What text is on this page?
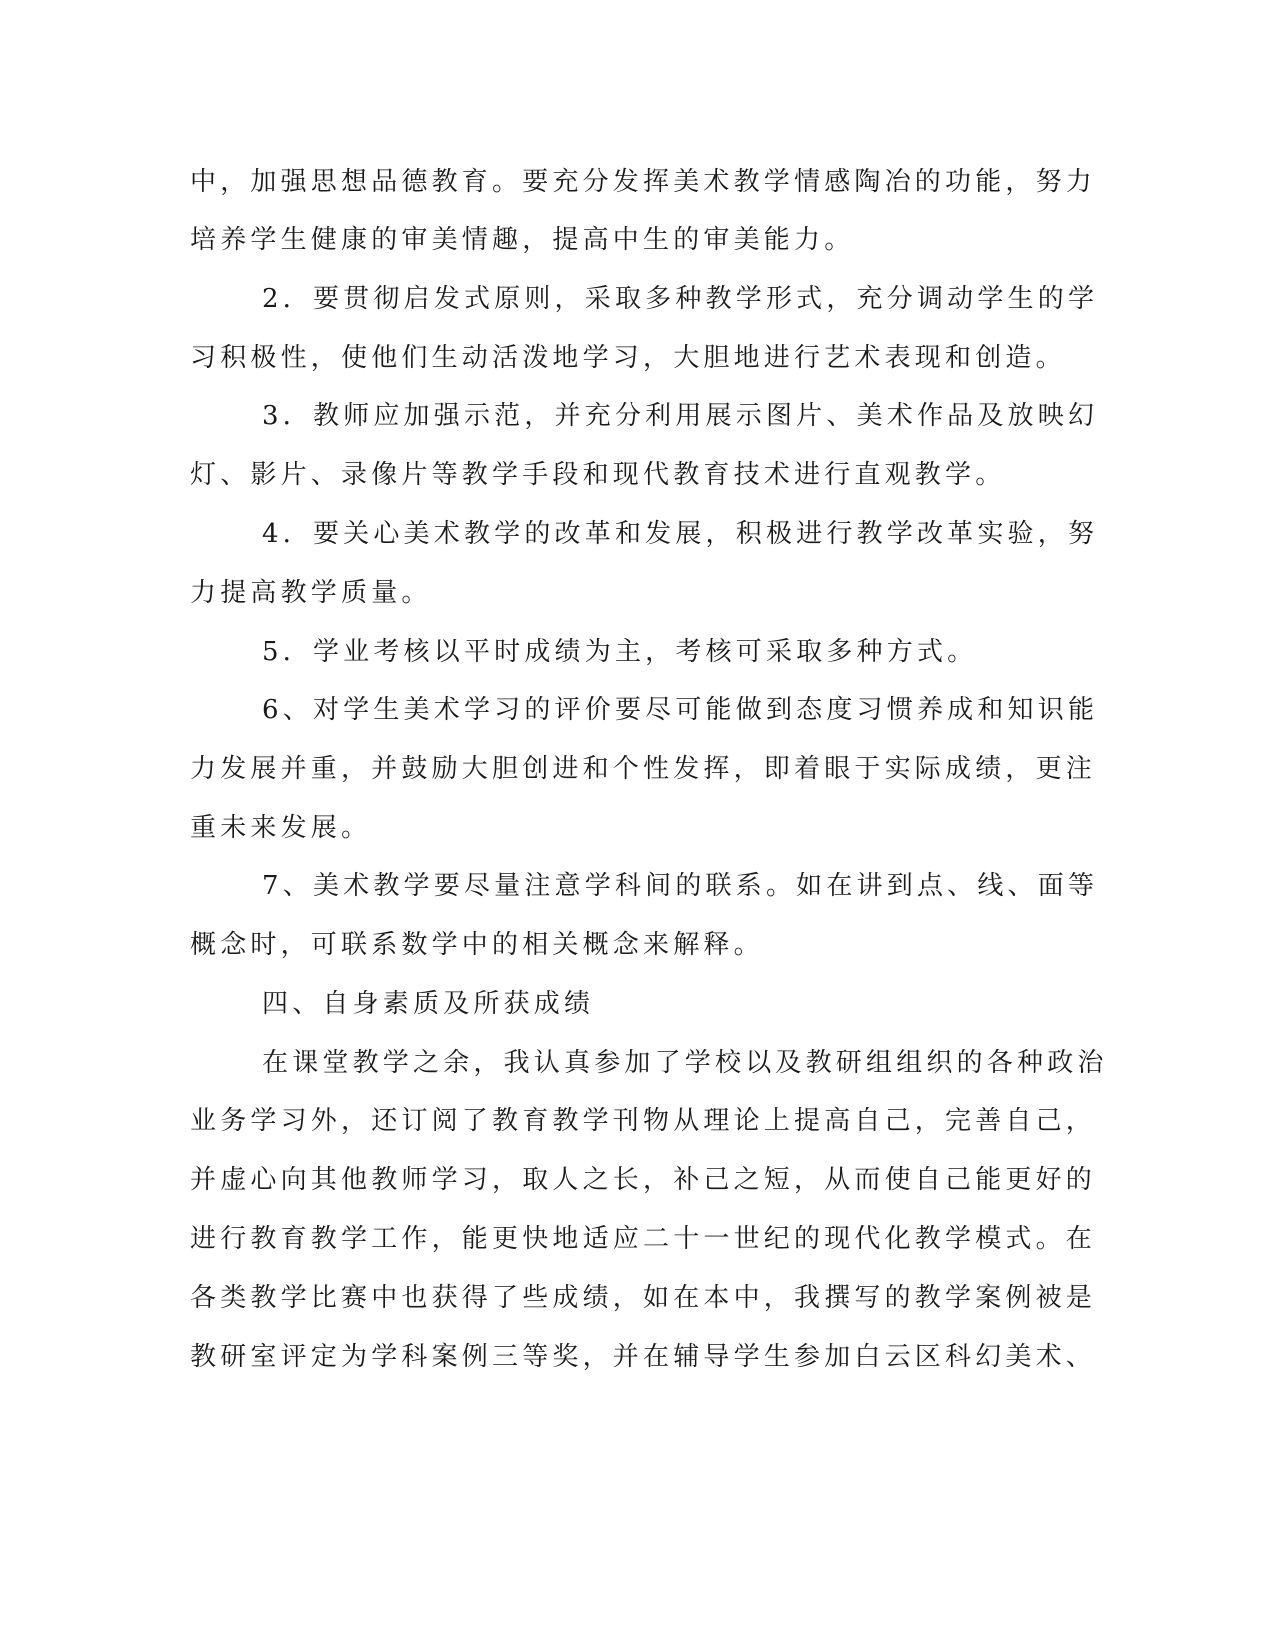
中，加强思想品德教育。要充分发挥美术教学情感陶冶的功能，努力
培养学生健康的审美情趣，提高中生的审美能力。
2．要贯彻启发式原则，采取多种教学形式，充分调动学生的学
习积极性，使他们生动活泼地学习，大胆地进行艺术表现和创造。
3．教师应加强示范，并充分利用展示图片、美术作品及放映幻
灯、影片、录像片等教学手段和现代教育技术进行直观教学。
4．要关心美术教学的改革和发展，积极进行教学改革实验，努
力提高教学质量。
5．学业考核以平时成绩为主，考核可采取多种方式。
6、对学生美术学习的评价要尽可能做到态度习惯养成和知识能
力发展并重，并鼓励大胆创进和个性发挥，即着眼于实际成绩，更注
重未来发展。
7、美术教学要尽量注意学科间的联系。如在讲到点、线、面等
概念时，可联系数学中的相关概念来解释。
四、自身素质及所获成绩
在课堂教学之余，我认真参加了学校以及教研组组织的各种政治
业务学习外，还订阅了教育教学刊物从理论上提高自己，完善自己，
并虚心向其他教师学习，取人之长，补己之短，从而使自己能更好的
进行教育教学工作，能更快地适应二十一世纪的现代化教学模式。在
各类教学比赛中也获得了些成绩，如在本中，我撰写的教学案例被是
教研室评定为学科案例三等奖，并在辅导学生参加白云区科幻美术、
